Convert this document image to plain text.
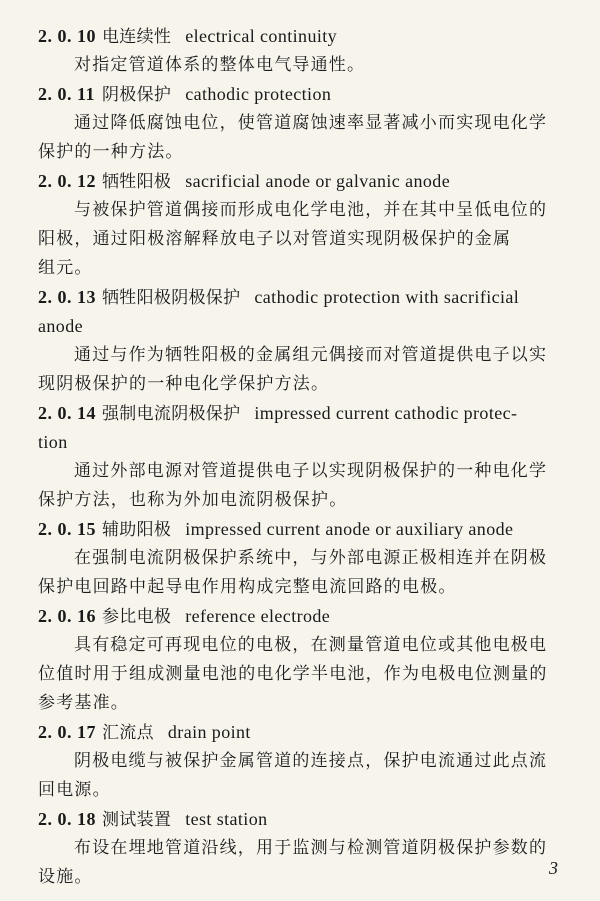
2. 0. 10 电连续性 electrical continuity
对指定管道体系的整体电气导通性。
2. 0. 11 阴极保护 cathodic protection
通过降低腐蚀电位，使管道腐蚀速率显著减小而实现电化学
保护的一种方法。
2. 0. 12 牺牲阳极 sacrificial anode or galvanic anode
与被保护管道偶接而形成电化学电池，并在其中呈低电位的
阳极，通过阳极溶解释放电子以对管道实现阴极保护的金属
组元。
2. 0. 13 牺牲阳极阴极保护 cathodic protection with sacrificial
anode
通过与作为牺牲阳极的金属组元偶接而对管道提供电子以实
现阴极保护的一种电化学保护方法。
2. 0. 14 强制电流阴极保护 impressed current cathodic protec-
tion
通过外部电源对管道提供电子以实现阴极保护的一种电化学
保护方法，也称为外加电流阴极保护。
2. 0. 15 辅助阳极 impressed current anode or auxiliary anode
在强制电流阴极保护系统中，与外部电源正极相连并在阴极
保护电回路中起导电作用构成完整电流回路的电极。
2. 0. 16 参比电极 reference electrode
具有稳定可再现电位的电极，在测量管道电位或其他电极电
位值时用于组成测量电池的电化学半电池，作为电极电位测量的
参考基准。
2. 0. 17 汇流点 drain point
阴极电缆与被保护金属管道的连接点，保护电流通过此点流
回电源。
2. 0. 18 测试装置 test station
布设在埋地管道沿线，用于监测与检测管道阴极保护参数的
设施。	3
